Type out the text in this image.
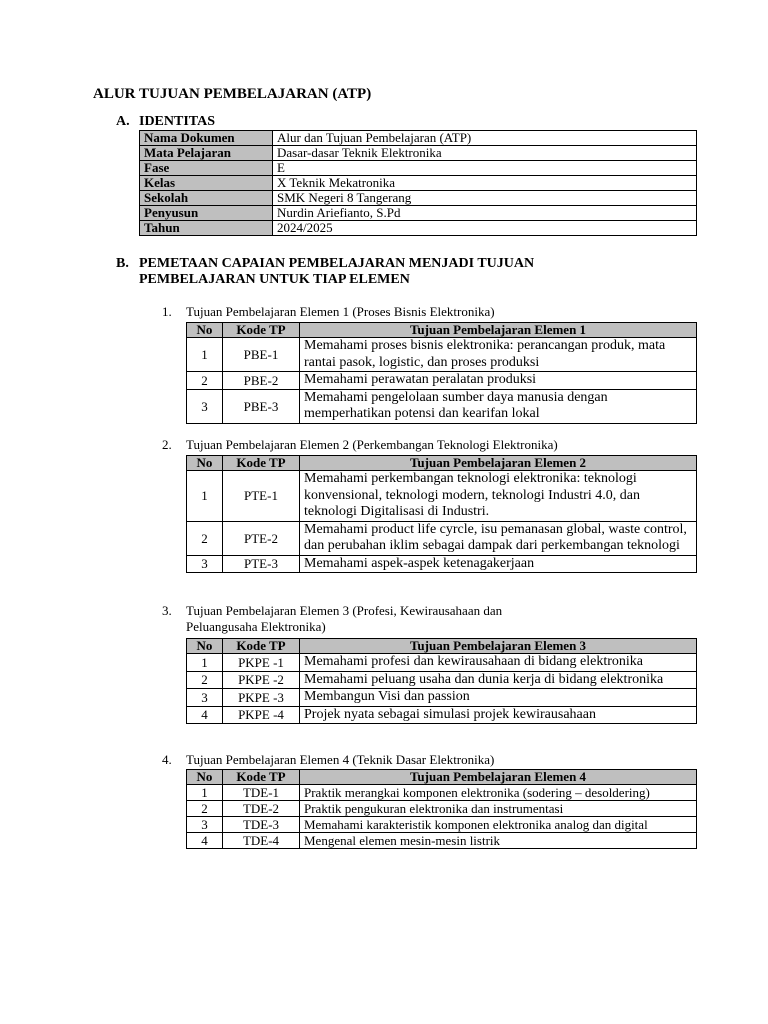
ALUR TUJUAN PEMBELAJARAN (ATP)
A. IDENTITAS
Nama Dokumen	Alur dan Tujuan Pembelajaran (ATP)
Mata Pelajaran	Dasar-dasar Teknik Elektronika
Fase	E
Kelas	X Teknik Mekatronika
Sekolah	SMK Negeri 8 Tangerang
Penyusun	Nurdin Ariefianto, S.Pd
Tahun	2024/2025
B. PEMETAAN CAPAIAN PEMBELAJARAN MENJADI TUJUAN
PEMBELAJARAN UNTUK TIAP ELEMEN
1. Tujuan Pembelajaran Elemen 1 (Proses Bisnis Elektronika)
No	Kode TP	Tujuan Pembelajaran Elemen 1
1	PBE-1	Memahami proses bisnis elektronika: perancangan produk, mata rantai pasok, logistic, dan proses produksi
2	PBE-2	Memahami perawatan peralatan produksi
3	PBE-3	Memahami pengelolaan sumber daya manusia dengan memperhatikan potensi dan kearifan lokal
2. Tujuan Pembelajaran Elemen 2 (Perkembangan Teknologi Elektronika)
No	Kode TP	Tujuan Pembelajaran Elemen 2
1	PTE-1	Memahami perkembangan teknologi elektronika: teknologi konvensional, teknologi modern, teknologi Industri 4.0, dan teknologi Digitalisasi di Industri.
2	PTE-2	Memahami product life cyrcle, isu pemanasan global, waste control, dan perubahan iklim sebagai dampak dari perkembangan teknologi
3	PTE-3	Memahami aspek-aspek ketenagakerjaan
3. Tujuan Pembelajaran Elemen 3 (Profesi, Kewirausahaan dan Peluangusaha Elektronika)
No	Kode TP	Tujuan Pembelajaran Elemen 3
1	PKPE -1	Memahami profesi dan kewirausahaan di bidang elektronika
2	PKPE -2	Memahami peluang usaha dan dunia kerja di bidang elektronika
3	PKPE -3	Membangun Visi dan passion
4	PKPE -4	Projek nyata sebagai simulasi projek kewirausahaan
4. Tujuan Pembelajaran Elemen 4 (Teknik Dasar Elektronika)
No	Kode TP	Tujuan Pembelajaran Elemen 4
1	TDE-1	Praktik merangkai komponen elektronika (sodering – desoldering)
2	TDE-2	Praktik pengukuran elektronika dan instrumentasi
3	TDE-3	Memahami karakteristik komponen elektronika analog dan digital
4	TDE-4	Mengenal elemen mesin-mesin listrik
